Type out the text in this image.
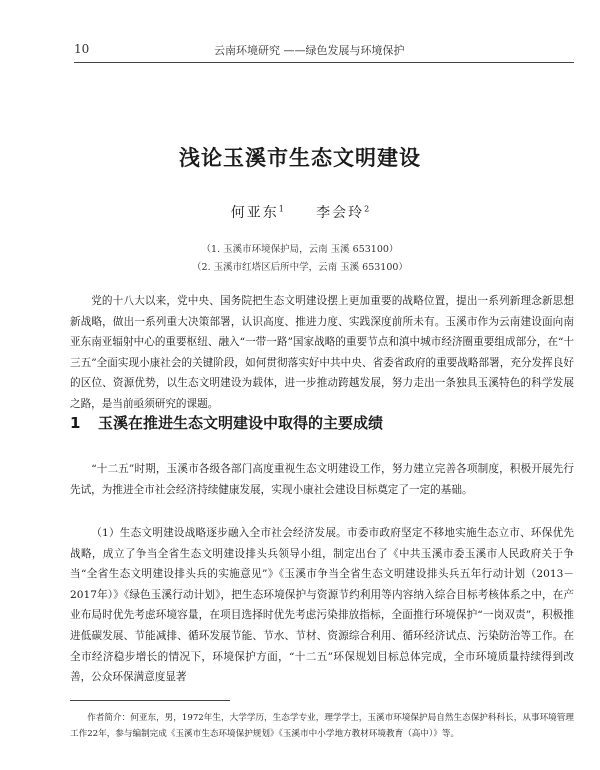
10	云南环境研究 ——绿色发展与环境保护
浅论玉溪市生态文明建设
何亚东$^1$ 李会玲$^2$
（1. 玉溪市环境保护局，云南 玉溪 653100）
（2. 玉溪市红塔区后所中学，云南 玉溪 653100）

党的十八大以来，党中央、国务院把生态文明建设摆上更加重要的战略位置，提出一系列新理念新思想新战略，做出一系列重大决策部署，认识高度、推进力度、实践深度前所未有。玉溪市作为云南建设面向南亚东南亚辐射中心的重要枢纽、融入“一带一路”国家战略的重要节点和滇中城市经济圈重要组成部分，在“十三五”全面实现小康社会的关键阶段，如何贯彻落实好中共中央、省委省政府的重要战略部署，充分发挥良好的区位、资源优势，以生态文明建设为载体，进一步推动跨越发展，努力走出一条独具玉溪特色的科学发展之路，是当前亟须研究的课题。

1 玉溪在推进生态文明建设中取得的主要成绩

“十二五”时期，玉溪市各级各部门高度重视生态文明建设工作，努力建立完善各项制度，积极开展先行先试，为推进全市社会经济持续健康发展，实现小康社会建设目标奠定了一定的基础。

（1）生态文明建设战略逐步融入全市社会经济发展。市委市政府坚定不移地实施生态立市、环保优先战略，成立了争当全省生态文明建设排头兵领导小组，制定出台了《中共玉溪市委玉溪市人民政府关于争当“全省生态文明建设排头兵的实施意见”》《玉溪市争当全省生态文明建设排头兵五年行动计划（2013－2017年）》《绿色玉溪行动计划》，把生态环境保护与资源节约利用等内容纳入综合目标考核体系之中，在产业布局时优先考虑环境容量，在项目选择时优先考虑污染排放指标，全面推行环境保护“一岗双责”，积极推进低碳发展、节能减排、循环发展节能、节水、节材、资源综合利用、循环经济试点、污染防治等工作。在全市经济稳步增长的情况下，环境保护方面，“十二五”环保规划目标总体完成，全市环境质量持续得到改善，公众环保满意度显著

作者简介：何亚东，男，1972年生，大学学历，生态学专业，理学学士，玉溪市环境保护局自然生态保护科科长，从事环境管理工作22年，参与编制完成《玉溪市生态环境保护规划》《玉溪市中小学地方教材环境教育（高中）》等。
